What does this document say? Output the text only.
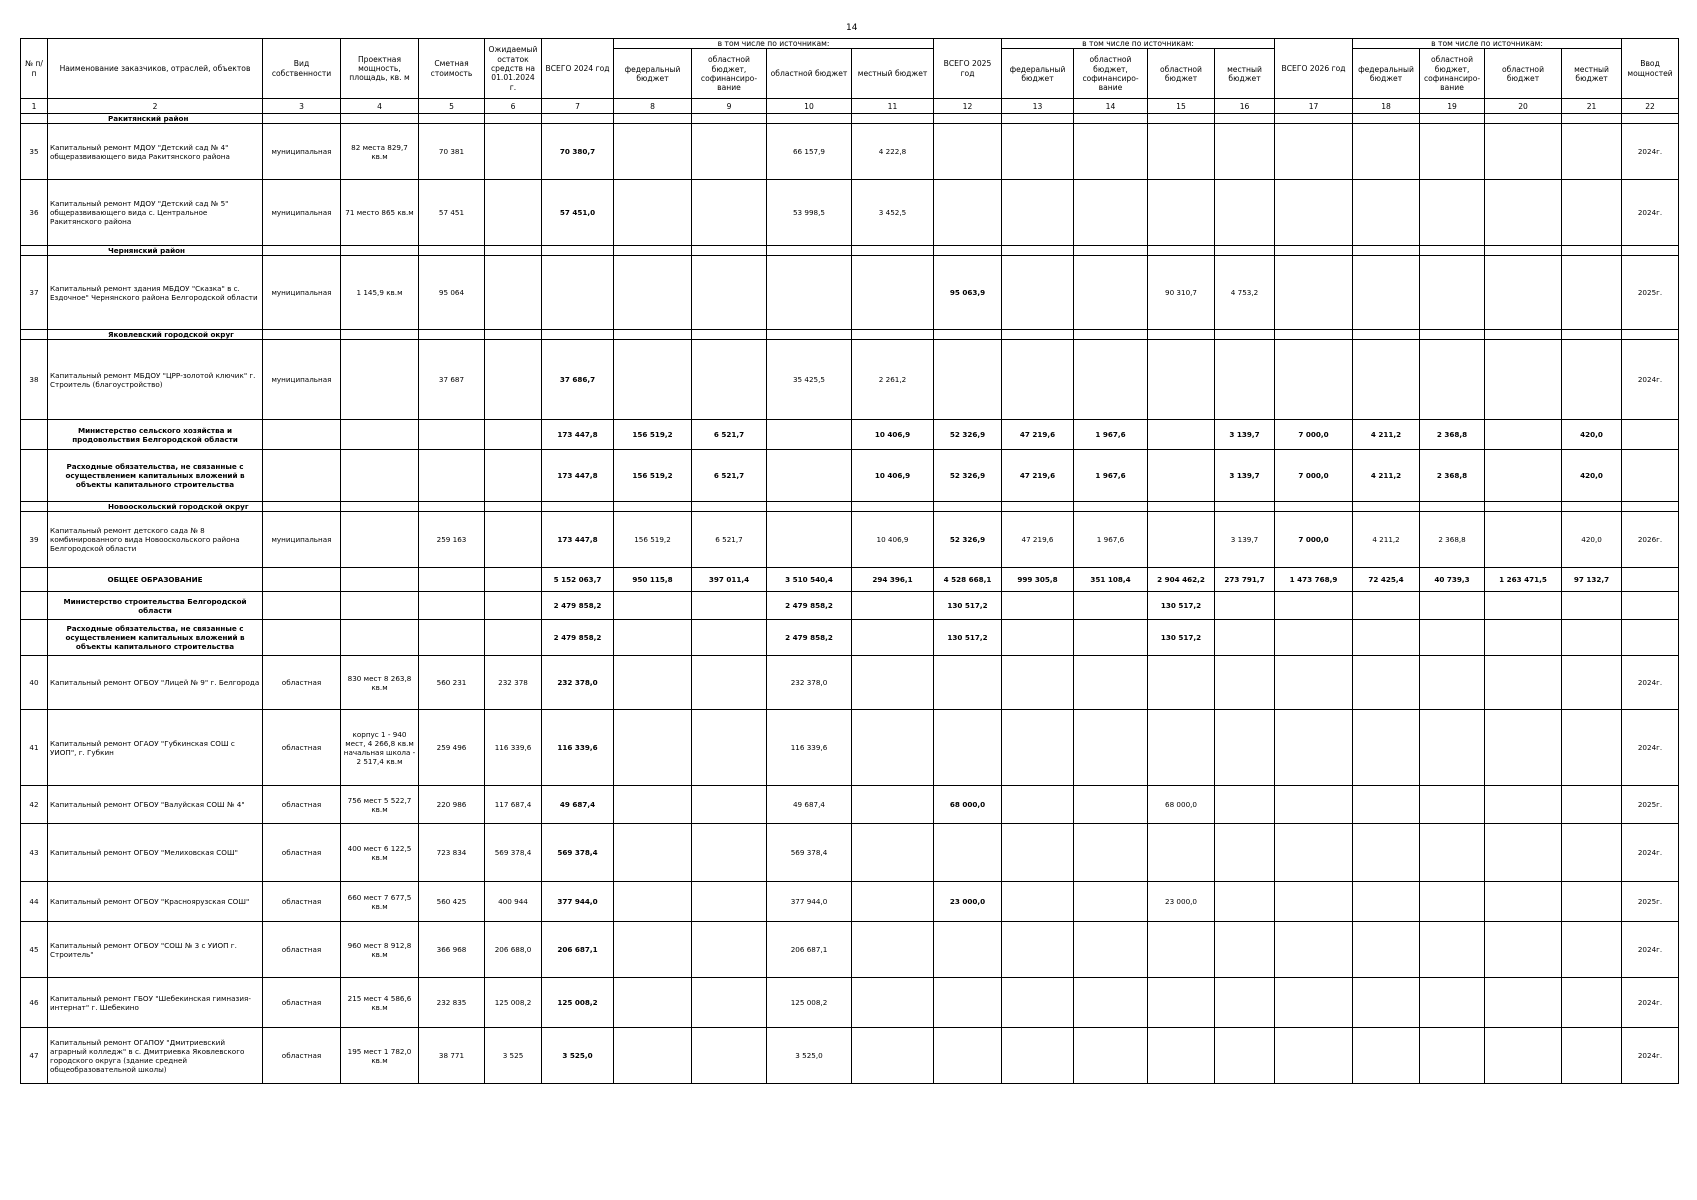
14
№ п/п	Наименование заказчиков, отраслей, объектов	Вид собственности	Проектная мощность, площадь, кв. м	Сметная стоимость	Ожидаемый остаток средств на 01.01.2024 г.	ВСЕГО 2024 год	в том числе по источникам:				ВСЕГО 2025 год	в том числе по источникам:				ВСЕГО 2026 год	в том числе по источникам:				Ввод мощностей
							федеральный бюджет	областной бюджет, софинансиро-вание	областной бюджет	местный бюджет		федеральный бюджет	областной бюджет, софинансиро-вание	областной бюджет	местный бюджет		федеральный бюджет	областной бюджет, софинансиро-вание	областной бюджет	местный бюджет	
1	2	3	4	5	6	7	8	9	10	11	12	13	14	15	16	17	18	19	20	21	22
	Ракитянский район																				
35	Капитальный ремонт МДОУ "Детский сад № 4" общеразвивающего вида Ракитянского района	муниципальная	82 места 829,7 кв.м	70 381		70 380,7			66 157,9	4 222,8											2024г.
36	Капитальный ремонт МДОУ "Детский сад № 5" общеразвивающего вида с. Центральное Ракитянского района	муниципальная	71 место 865 кв.м	57 451		57 451,0			53 998,5	3 452,5											2024г.
	Чернянский район																				
37	Капитальный ремонт здания МБДОУ "Сказка" в с. Ездочное" Чернянского района Белгородской области	муниципальная	1 145,9 кв.м	95 064							95 063,9			90 310,7	4 753,2						2025г.
	Яковлевский городской округ																				
38	Капитальный ремонт МБДОУ "ЦРР-золотой ключик" г. Строитель (благоустройство)	муниципальная		37 687		37 686,7			35 425,5	2 261,2											2024г.
	Министерство сельского хозяйства и продовольствия Белгородской области					173 447,8	156 519,2	6 521,7		10 406,9	52 326,9	47 219,6	1 967,6		3 139,7	7 000,0	4 211,2	2 368,8		420,0	
	Расходные обязательства, не связанные с осуществлением капитальных вложений в объекты капитального строительства					173 447,8	156 519,2	6 521,7		10 406,9	52 326,9	47 219,6	1 967,6		3 139,7	7 000,0	4 211,2	2 368,8		420,0	
	Новооскольский городской округ																				
39	Капитальный ремонт детского сада № 8 комбинированного вида Новооскольского района Белгородской области	муниципальная		259 163		173 447,8	156 519,2	6 521,7		10 406,9	52 326,9	47 219,6	1 967,6		3 139,7	7 000,0	4 211,2	2 368,8		420,0	2026г.
	ОБЩЕЕ ОБРАЗОВАНИЕ					5 152 063,7	950 115,8	397 011,4	3 510 540,4	294 396,1	4 528 668,1	999 305,8	351 108,4	2 904 462,2	273 791,7	1 473 768,9	72 425,4	40 739,3	1 263 471,5	97 132,7	
	Министерство строительства Белгородской области					2 479 858,2			2 479 858,2		130 517,2			130 517,2							
	Расходные обязательства, не связанные с осуществлением капитальных вложений в объекты капитального строительства					2 479 858,2			2 479 858,2		130 517,2			130 517,2							
40	Капитальный ремонт ОГБОУ "Лицей № 9" г. Белгорода	областная	830 мест 8 263,8 кв.м	560 231	232 378	232 378,0			232 378,0												2024г.
41	Капитальный ремонт ОГАОУ "Губкинская СОШ с УИОП", г. Губкин	областная	корпус 1 - 940 мест, 4 266,8 кв.м начальная школа - 2 517,4 кв.м	259 496	116 339,6	116 339,6			116 339,6												2024г.
42	Капитальный ремонт ОГБОУ "Валуйская СОШ № 4"	областная	756 мест 5 522,7 кв.м	220 986	117 687,4	49 687,4			49 687,4		68 000,0			68 000,0							2025г.
43	Капитальный ремонт ОГБОУ "Мелиховская СОШ"	областная	400 мест 6 122,5 кв.м	723 834	569 378,4	569 378,4			569 378,4												2024г.
44	Капитальный ремонт ОГБОУ "Красноярузская СОШ"	областная	660 мест 7 677,5 кв.м	560 425	400 944	377 944,0			377 944,0		23 000,0			23 000,0							2025г.
45	Капитальный ремонт ОГБОУ "СОШ № 3 с УИОП г. Строитель"	областная	960 мест 8 912,8 кв.м	366 968	206 688,0	206 687,1			206 687,1												2024г.
46	Капитальный ремонт ГБОУ "Шебекинская гимназия-интернат" г. Шебекино	областная	215 мест 4 586,6 кв.м	232 835	125 008,2	125 008,2			125 008,2												2024г.
47	Капитальный ремонт ОГАПОУ "Дмитриевский аграрный колледж" в с. Дмитриевка Яковлевского городского округа (здание средней общеобразовательной школы)	областная	195 мест 1 782,0 кв.м	38 771	3 525	3 525,0			3 525,0												2024г.
